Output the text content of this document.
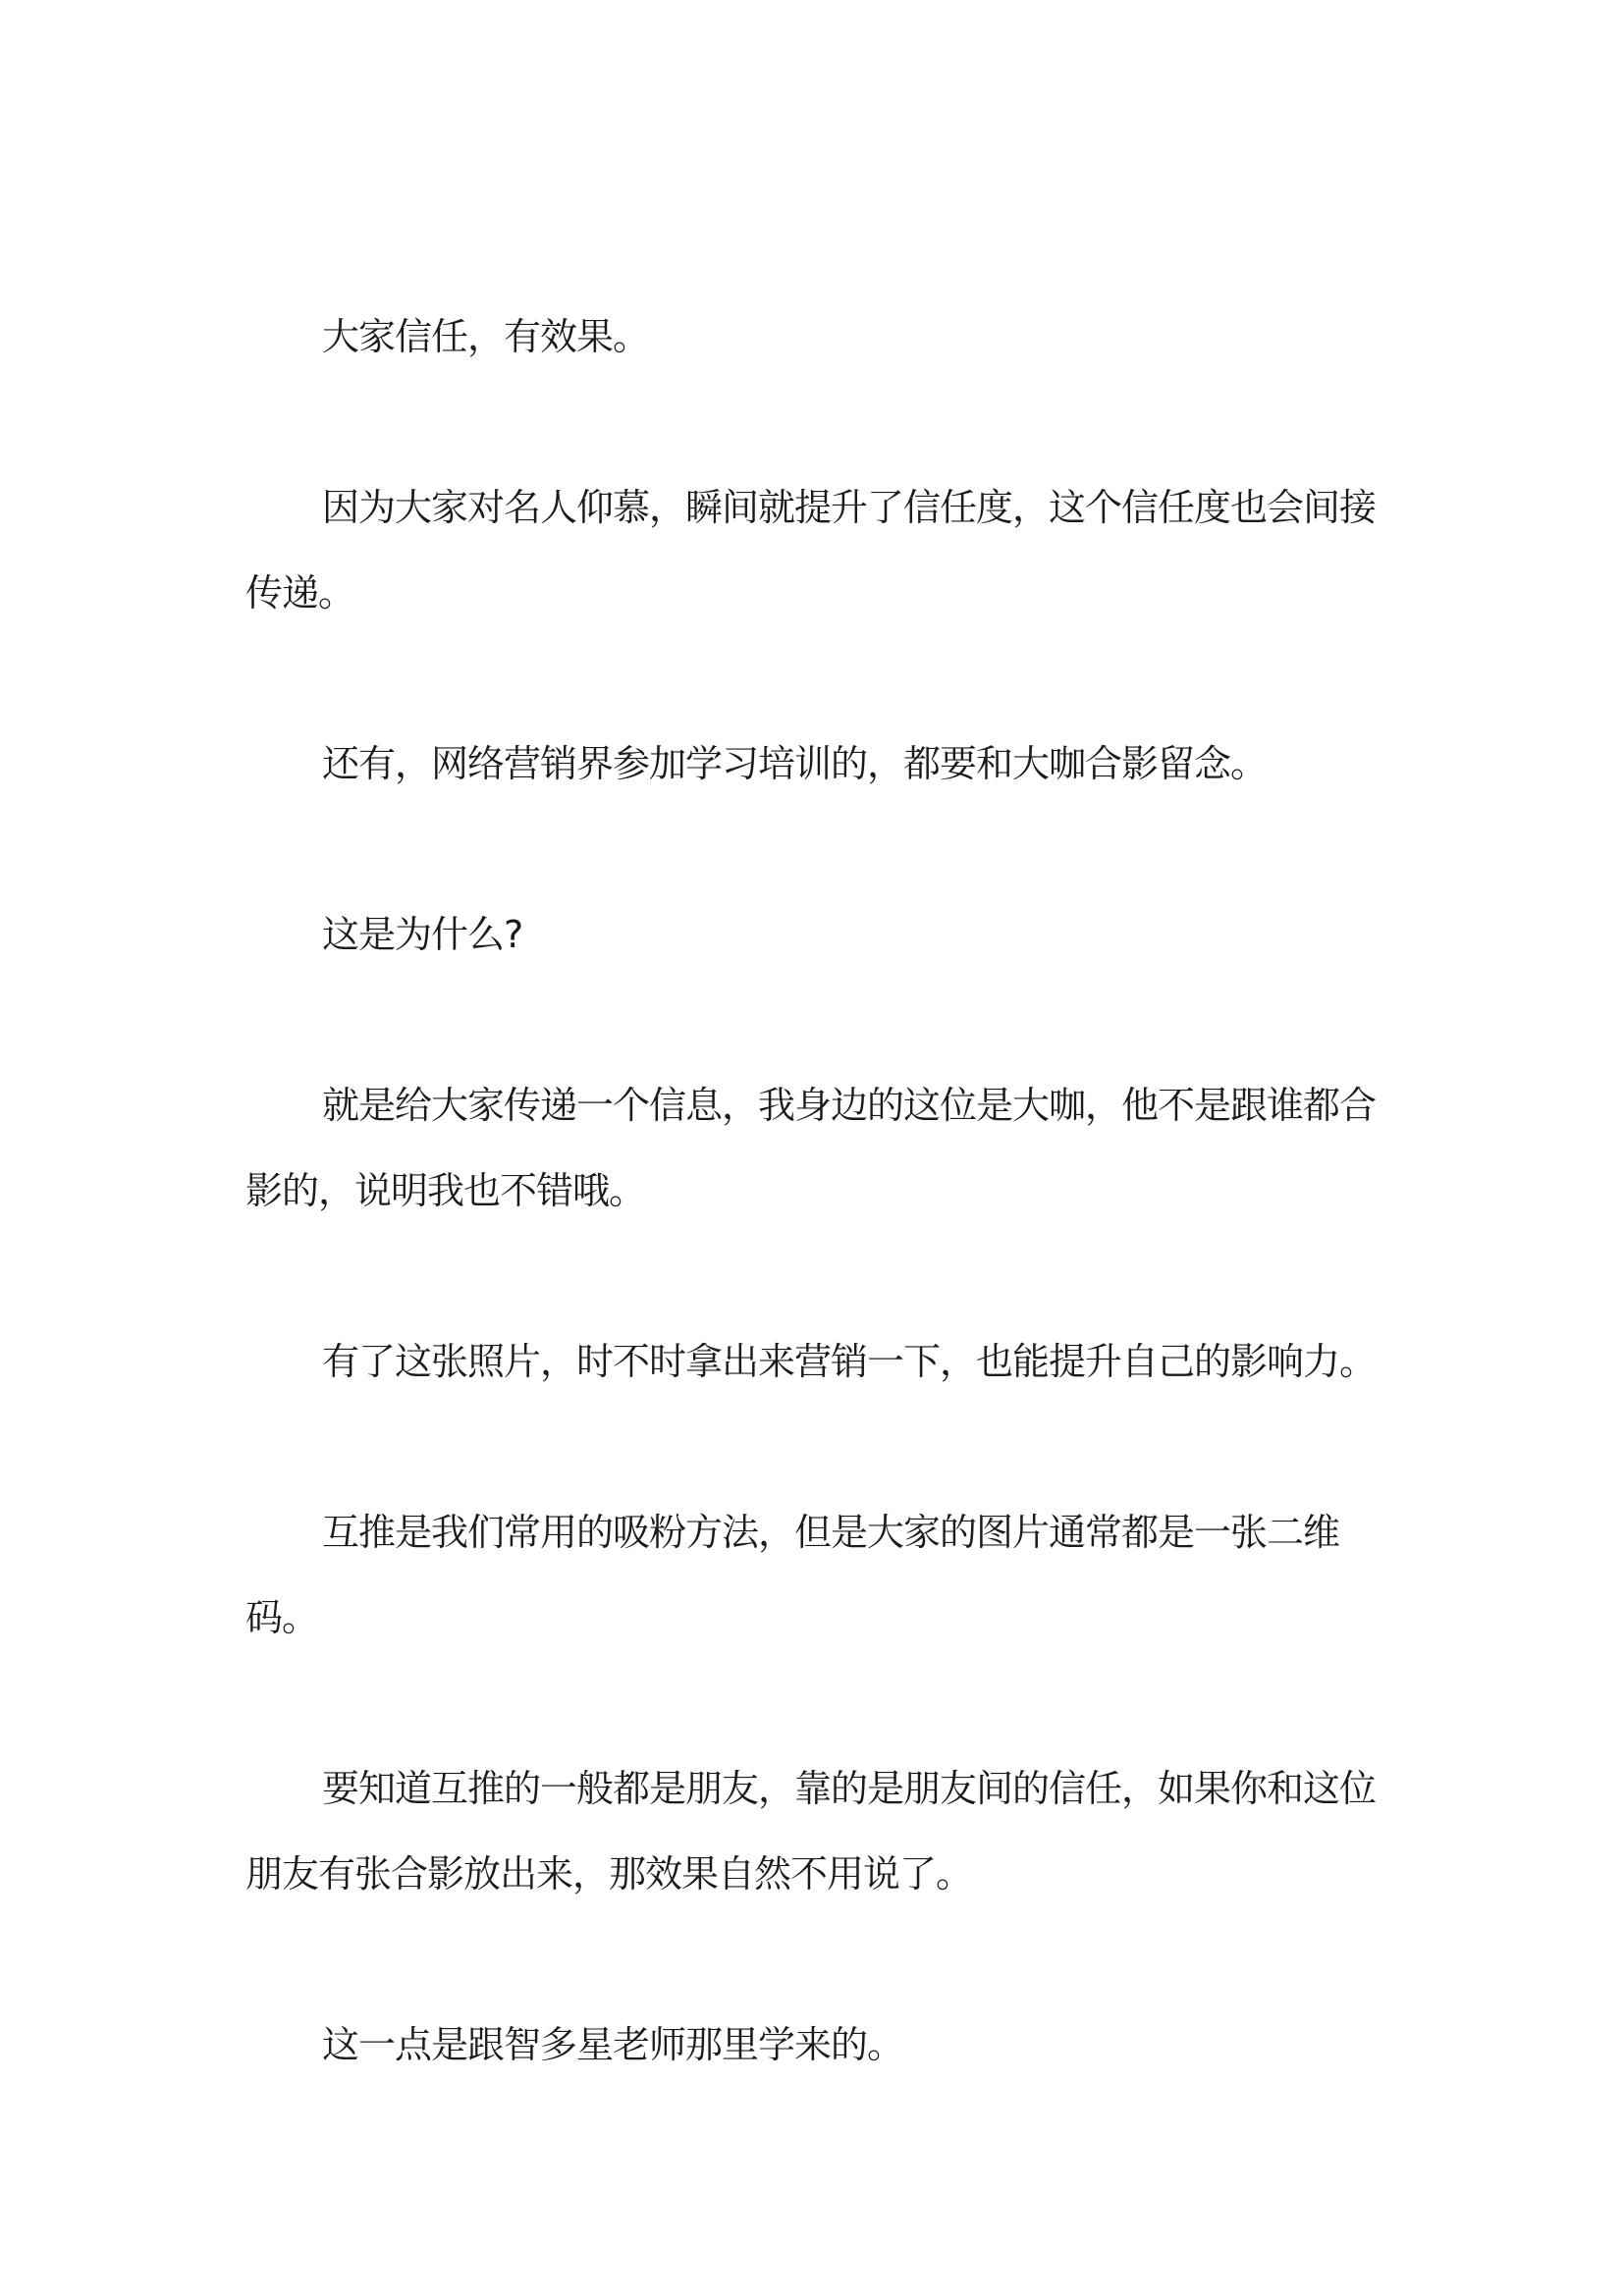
大家信任，有效果。

因为大家对名人仰慕，瞬间就提升了信任度，这个信任度也会间接传递。

还有，网络营销界参加学习培训的，都要和大咖合影留念。

这是为什么?

就是给大家传递一个信息，我身边的这位是大咖，他不是跟谁都合影的，说明我也不错哦。

有了这张照片，时不时拿出来营销一下，也能提升自己的影响力。

互推是我们常用的吸粉方法，但是大家的图片通常都是一张二维码。

要知道互推的一般都是朋友，靠的是朋友间的信任，如果你和这位朋友有张合影放出来，那效果自然不用说了。

这一点是跟智多星老师那里学来的。
